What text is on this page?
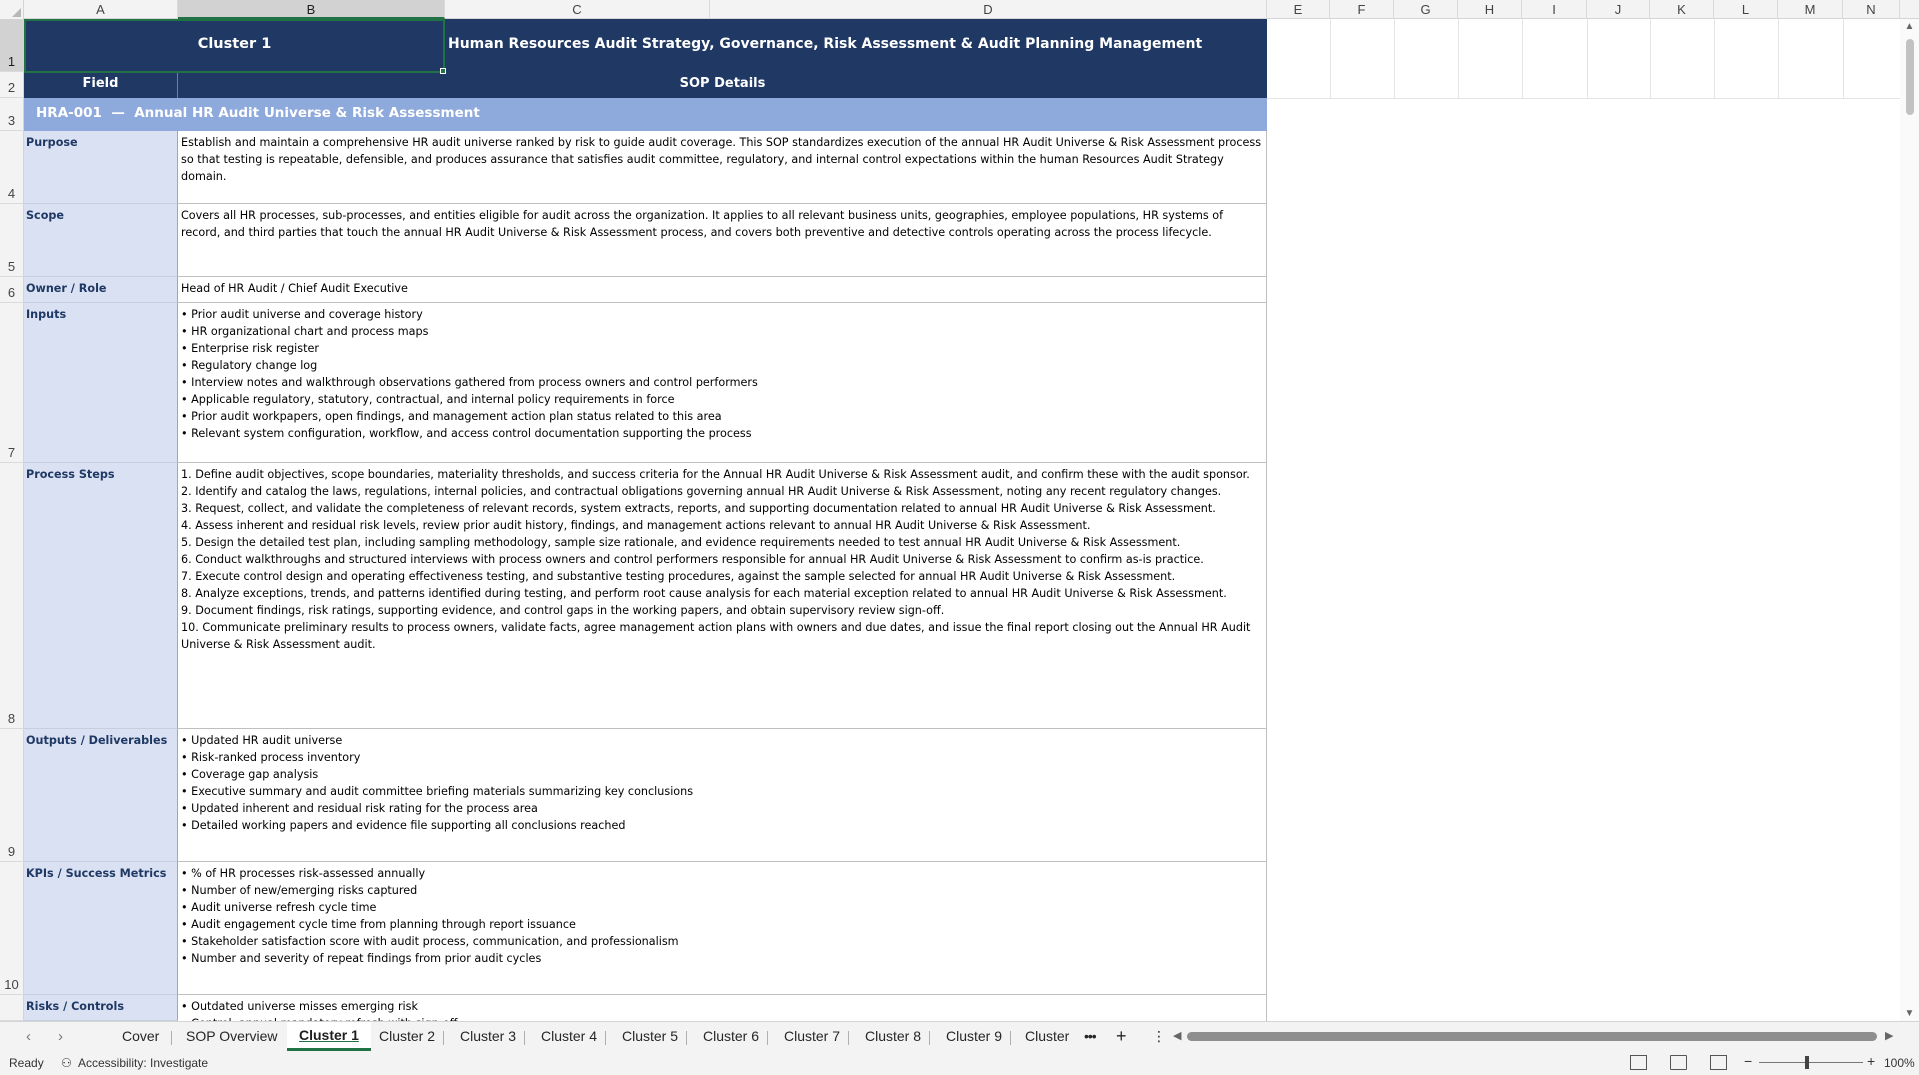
A	B	C	D	E	F	G	H	I	J	K	L	M	N
1
2
3
4
5
6
7
8
9
10
Cluster 1	Human Resources Audit Strategy, Governance, Risk Assessment & Audit Planning Management
Field	SOP Details
HRA-001  —  Annual HR Audit Universe & Risk Assessment
Purpose	Establish and maintain a comprehensive HR audit universe ranked by risk to guide audit coverage. This SOP standardizes execution of the annual HR Audit Universe & Risk Assessment process so that testing is repeatable, defensible, and produces assurance that satisfies audit committee, regulatory, and internal control expectations within the human Resources Audit Strategy domain.
Scope	Covers all HR processes, sub-processes, and entities eligible for audit across the organization. It applies to all relevant business units, geographies, employee populations, HR systems of record, and third parties that touch the annual HR Audit Universe & Risk Assessment process, and covers both preventive and detective controls operating across the process lifecycle.
Owner / Role	Head of HR Audit / Chief Audit Executive
Inputs	• Prior audit universe and coverage history
• HR organizational chart and process maps
• Enterprise risk register
• Regulatory change log
• Interview notes and walkthrough observations gathered from process owners and control performers
• Applicable regulatory, statutory, contractual, and internal policy requirements in force
• Prior audit workpapers, open findings, and management action plan status related to this area
• Relevant system configuration, workflow, and access control documentation supporting the process
Process Steps	1. Define audit objectives, scope boundaries, materiality thresholds, and success criteria for the Annual HR Audit Universe & Risk Assessment audit, and confirm these with the audit sponsor.
2. Identify and catalog the laws, regulations, internal policies, and contractual obligations governing annual HR Audit Universe & Risk Assessment, noting any recent regulatory changes.
3. Request, collect, and validate the completeness of relevant records, system extracts, reports, and supporting documentation related to annual HR Audit Universe & Risk Assessment.
4. Assess inherent and residual risk levels, review prior audit history, findings, and management actions relevant to annual HR Audit Universe & Risk Assessment.
5. Design the detailed test plan, including sampling methodology, sample size rationale, and evidence requirements needed to test annual HR Audit Universe & Risk Assessment.
6. Conduct walkthroughs and structured interviews with process owners and control performers responsible for annual HR Audit Universe & Risk Assessment to confirm as-is practice.
7. Execute control design and operating effectiveness testing, and substantive testing procedures, against the sample selected for annual HR Audit Universe & Risk Assessment.
8. Analyze exceptions, trends, and patterns identified during testing, and perform root cause analysis for each material exception related to annual HR Audit Universe & Risk Assessment.
9. Document findings, risk ratings, supporting evidence, and control gaps in the working papers, and obtain supervisory review sign-off.
10. Communicate preliminary results to process owners, validate facts, agree management action plans with owners and due dates, and issue the final report closing out the Annual HR Audit Universe & Risk Assessment audit.
Outputs / Deliverables	• Updated HR audit universe
• Risk-ranked process inventory
• Coverage gap analysis
• Executive summary and audit committee briefing materials summarizing key conclusions
• Updated inherent and residual risk rating for the process area
• Detailed working papers and evidence file supporting all conclusions reached
KPIs / Success Metrics	• % of HR processes risk-assessed annually
• Number of new/emerging risks captured
• Audit universe refresh cycle time
• Audit engagement cycle time from planning through report issuance
• Stakeholder satisfaction score with audit process, communication, and professionalism
• Number and severity of repeat findings from prior audit cycles
Risks / Controls	• Outdated universe misses emerging risk

▲
▼
‹ ›	Cover	SOP Overview	Cluster 1	Cluster 2	Cluster 3	Cluster 4	Cluster 5	Cluster 6	Cluster 7	Cluster 8	Cluster 9	Cluster	•••	+	⋮ ◀	▶
Ready ⚇ Accessibility: Investigate	−	+ 100%
